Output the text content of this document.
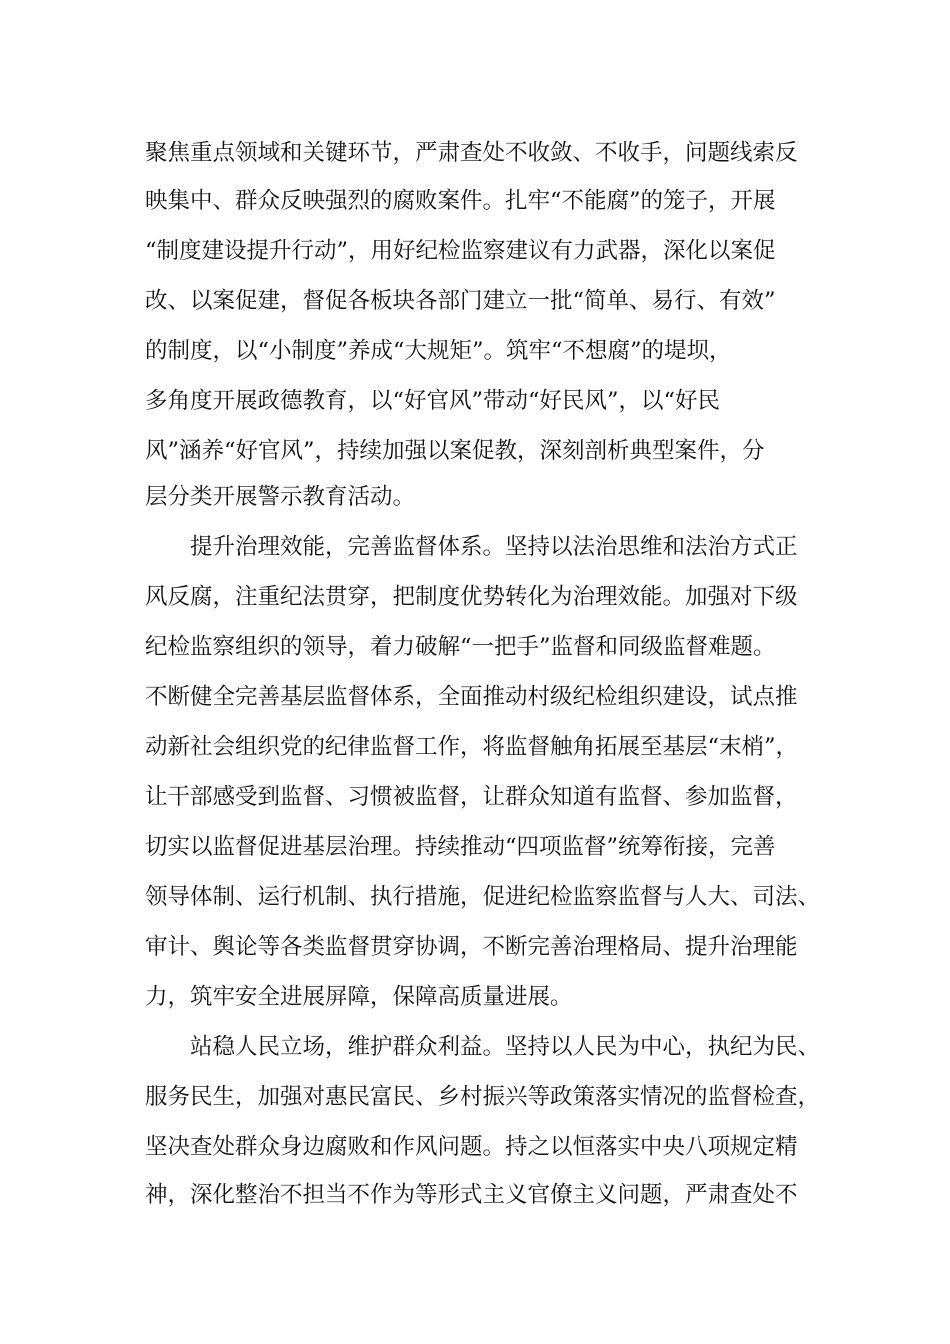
聚焦重点领域和关键环节，严肃查处不收敛、不收手，问题线索反
映集中、群众反映强烈的腐败案件。扎牢“不能腐”的笼子，开展
“制度建设提升行动”，用好纪检监察建议有力武器，深化以案促
改、以案促建，督促各板块各部门建立一批“简单、易行、有效”
的制度，以“小制度”养成“大规矩”。筑牢“不想腐”的堤坝，
多角度开展政德教育，以“好官风”带动“好民风”，以“好民
风”涵养“好官风”，持续加强以案促教，深刻剖析典型案件，分
层分类开展警示教育活动。
提升治理效能，完善监督体系。坚持以法治思维和法治方式正
风反腐，注重纪法贯穿，把制度优势转化为治理效能。加强对下级
纪检监察组织的领导，着力破解“一把手”监督和同级监督难题。
不断健全完善基层监督体系，全面推动村级纪检组织建设，试点推
动新社会组织党的纪律监督工作，将监督触角拓展至基层“末梢”，
让干部感受到监督、习惯被监督，让群众知道有监督、参加监督，
切实以监督促进基层治理。持续推动“四项监督”统筹衔接，完善
领导体制、运行机制、执行措施，促进纪检监察监督与人大、司法、
审计、舆论等各类监督贯穿协调，不断完善治理格局、提升治理能
力，筑牢安全进展屏障，保障高质量进展。
站稳人民立场，维护群众利益。坚持以人民为中心，执纪为民、
服务民生，加强对惠民富民、乡村振兴等政策落实情况的监督检查，
坚决查处群众身边腐败和作风问题。持之以恒落实中央八项规定精
神，深化整治不担当不作为等形式主义官僚主义问题，严肃查处不
